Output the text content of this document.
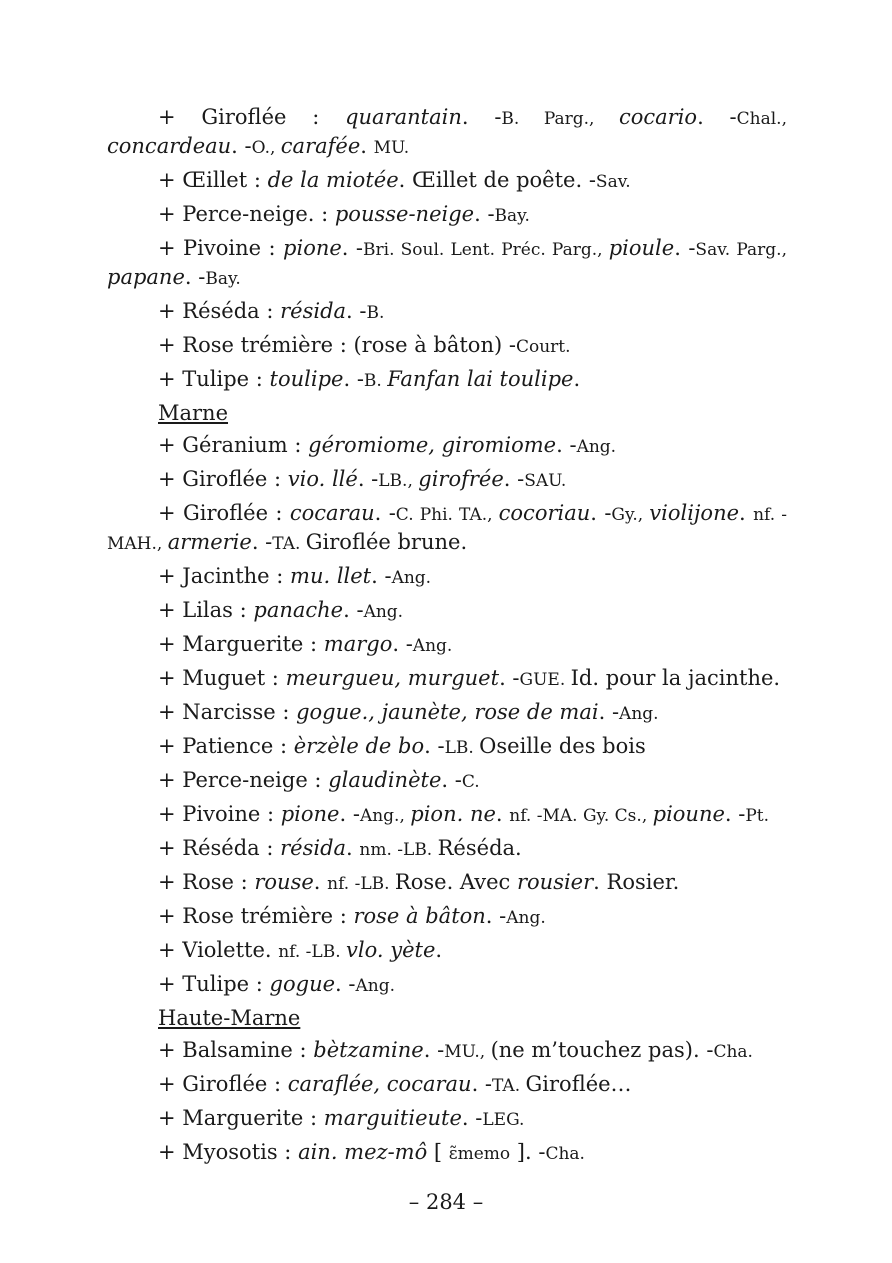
+ Giroflée : quarantain. -B. Parg., cocario. -Chal., concardeau. -O., carafée. MU.
+ Œillet : de la miotée. Œillet de poête. -Sav.
+ Perce-neige. : pousse-neige. -Bay.
+ Pivoine : pione. -Bri. Soul. Lent. Préc. Parg., pioule. -Sav. Parg., papane. -Bay.
+ Réséda : résida. -B.
+ Rose trémière : (rose à bâton) -Court.
+ Tulipe : toulipe. -B. Fanfan lai toulipe.
Marne
+ Géranium : géromiome, giromiome. -Ang.
+ Giroflée : vio. llé. -LB., girofrée. -SAU.
+ Giroflée : cocarau. -C. Phi. TA., cocoriau. -Gy., violijone. nf. -MAH., armerie. -TA. Giroflée brune.
+ Jacinthe : mu. llet. -Ang.
+ Lilas : panache. -Ang.
+ Marguerite : margo. -Ang.
+ Muguet : meurgueu, murguet. -GUE. Id. pour la jacinthe.
+ Narcisse : gogue., jaunète, rose de mai. -Ang.
+ Patience : èrzèle de bo. -LB. Oseille des bois
+ Perce-neige : glaudinète. -C.
+ Pivoine : pione. -Ang., pion. ne. nf. -MA. Gy. Cs., pioune. -Pt.
+ Réséda : résida. nm. -LB. Réséda.
+ Rose : rouse. nf. -LB. Rose. Avec rousier. Rosier.
+ Rose trémière : rose à bâton. -Ang.
+ Violette. nf. -LB. vlo. yète.
+ Tulipe : gogue. -Ang.
Haute-Marne
+ Balsamine : bètzamine. -MU., (ne m’touchez pas). -Cha.
+ Giroflée : caraflée, cocarau. -TA. Giroflée…
+ Marguerite : marguitieute. -LEG.
+ Myosotis : ain. mez-mô [ ɛ̃memo ]. -Cha.
– 284 –
